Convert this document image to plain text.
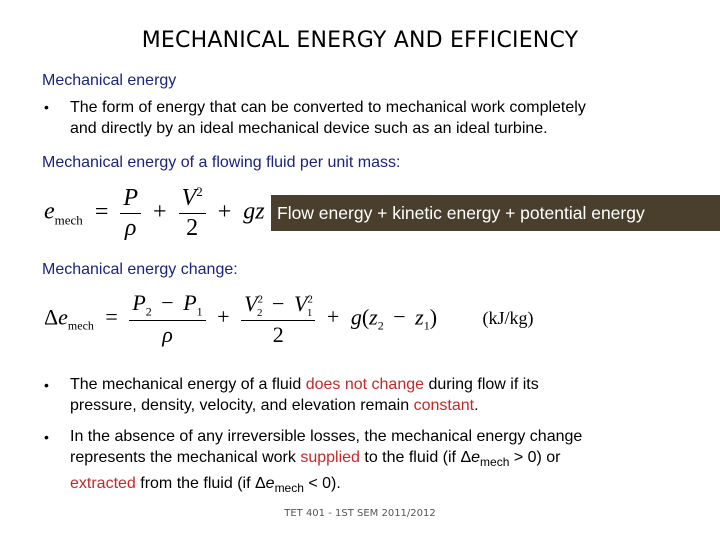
MECHANICAL ENERGY AND EFFICIENCY
Mechanical energy
• The form of energy that can be converted to mechanical work completely
and directly by an ideal mechanical device such as an ideal turbine.
Mechanical energy of a flowing fluid per unit mass:
$e_{mech} = \frac{P}{\rho} + \frac{V^2}{2}$ + gz Flow energy + kinetic energy + potential energy
Mechanical energy change:
$\Delta e_{mech} = \frac{P_2 - P_1}{\rho} + \frac{V^2_2 - V^2_1}{2} + g(z_2 - z_1)$	(kJ/kg)
• The mechanical energy of a fluid does not change during flow if its
pressure, density, velocity, and elevation remain constant.
• In the absence of any irreversible losses, the mechanical energy change
represents the mechanical work supplied to the fluid (if $\Delta e_{mech} > 0$) or
extracted from the fluid (if $\Delta e_{mech} < 0$).
TET 401 - 1ST SEM 2011/2012
